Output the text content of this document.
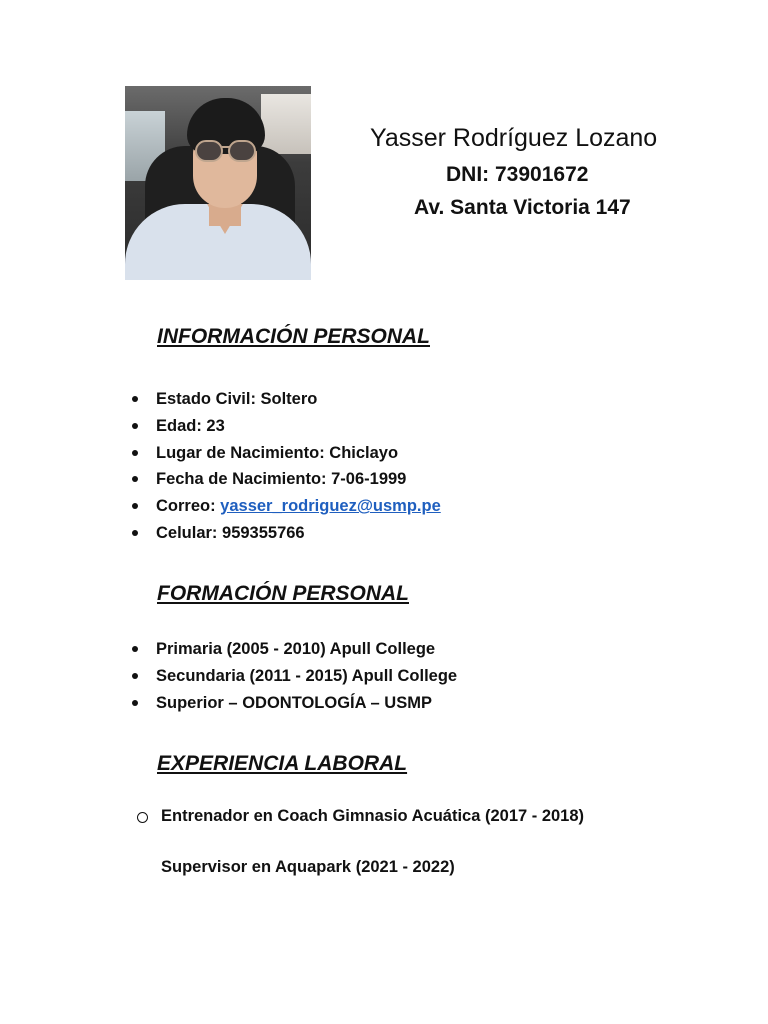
Yasser Rodríguez Lozano
DNI: 73901672
Av. Santa Victoria 147
INFORMACIÓN PERSONAL
Estado Civil: Soltero
Edad: 23
Lugar de Nacimiento: Chiclayo
Fecha de Nacimiento: 7-06-1999
Correo: yasser_rodriguez@usmp.pe
Celular: 959355766
FORMACIÓN PERSONAL
Primaria (2005 - 2010) Apull College
Secundaria (2011 - 2015) Apull College
Superior – ODONTOLOGÍA – USMP
EXPERIENCIA LABORAL
Entrenador en Coach Gimnasio Acuática (2017 - 2018)
Supervisor en Aquapark (2021 - 2022)
